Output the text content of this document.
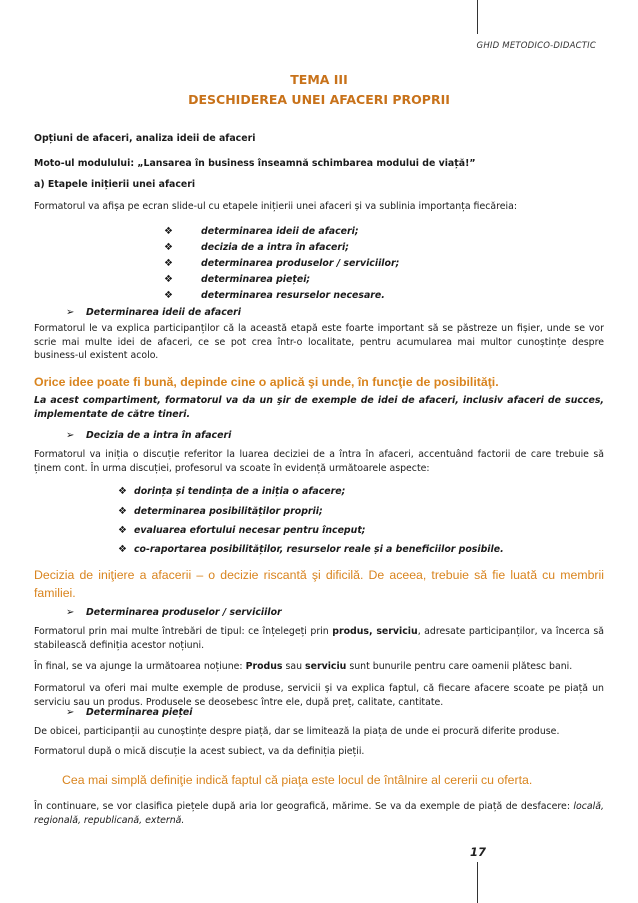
GHID METODICO-DIDACTIC
TEMA III
DESCHIDEREA UNEI AFACERI PROPRII

Opțiuni de afaceri, analiza ideii de afaceri

Moto-ul modulului: „Lansarea în business înseamnă schimbarea modului de viață!”

a) Etapele inițierii unei afaceri

Formatorul va afișa pe ecran slide-ul cu etapele inițierii unei afaceri și va sublinia importanța fiecăreia:

❖	determinarea ideii de afaceri;
❖	decizia de a intra în afaceri;
❖	determinarea produselor / serviciilor;
❖	determinarea pieței;
❖	determinarea resurselor necesare.
➢ Determinarea ideii de afaceri

Formatorul le va explica participanților că la această etapă este foarte important să se păstreze un fișier, unde se vor scrie mai multe idei de afaceri, ce se pot crea într-o localitate, pentru acumularea mai multor cunoștințe despre business-ul existent acolo.

Orice idee poate fi bună, depinde cine o aplică şi unde, în funcţie de posibilităţi.

La acest compartiment, formatorul va da un şir de exemple de idei de afaceri, inclusiv afaceri de succes, implementate de către tineri.

➢ Decizia de a intra în afaceri

Formatorul va iniția o discuție referitor la luarea deciziei de a întra în afaceri, accentuând factorii de care trebuie să ținem cont. În urma discuției, profesorul va scoate în evidență următoarele aspecte:

❖ dorința și tendința de a iniția o afacere;
❖ determinarea posibilităților proprii;
❖ evaluarea efortului necesar pentru început;
❖ co-raportarea posibilităților, resurselor reale și a beneficiilor posibile.
Decizia de iniţiere a afacerii – o decizie riscantă şi dificilă. De aceea, trebuie să fie luată cu membrii familiei.
➢ Determinarea produselor / serviciilor

Formatorul prin mai multe întrebări de tipul: ce înțelegeți prin produs, serviciu, adresate participanților, va încerca să stabilească definiția acestor noțiuni.

În final, se va ajunge la următoarea noțiune: Produs sau serviciu sunt bunurile pentru care oamenii plătesc bani.

Formatorul va oferi mai multe exemple de produse, servicii și va explica faptul, că fiecare afacere scoate pe piață un serviciu sau un produs. Produsele se deosebesc între ele, după preț, calitate, cantitate.

➢ Determinarea pieței

De obicei, participanții au cunoștințe despre piață, dar se limitează la piața de unde ei procură diferite produse.

Formatorul după o mică discuție la acest subiect, va da definiția pieții.

Cea mai simplă definiţie indică faptul că piaţa este locul de întâlnire al cererii cu oferta.

În continuare, se vor clasifica piețele după aria lor geografică, mărime. Se va da exemple de piață de desfacere: locală, regională, republicană, externă.

17
